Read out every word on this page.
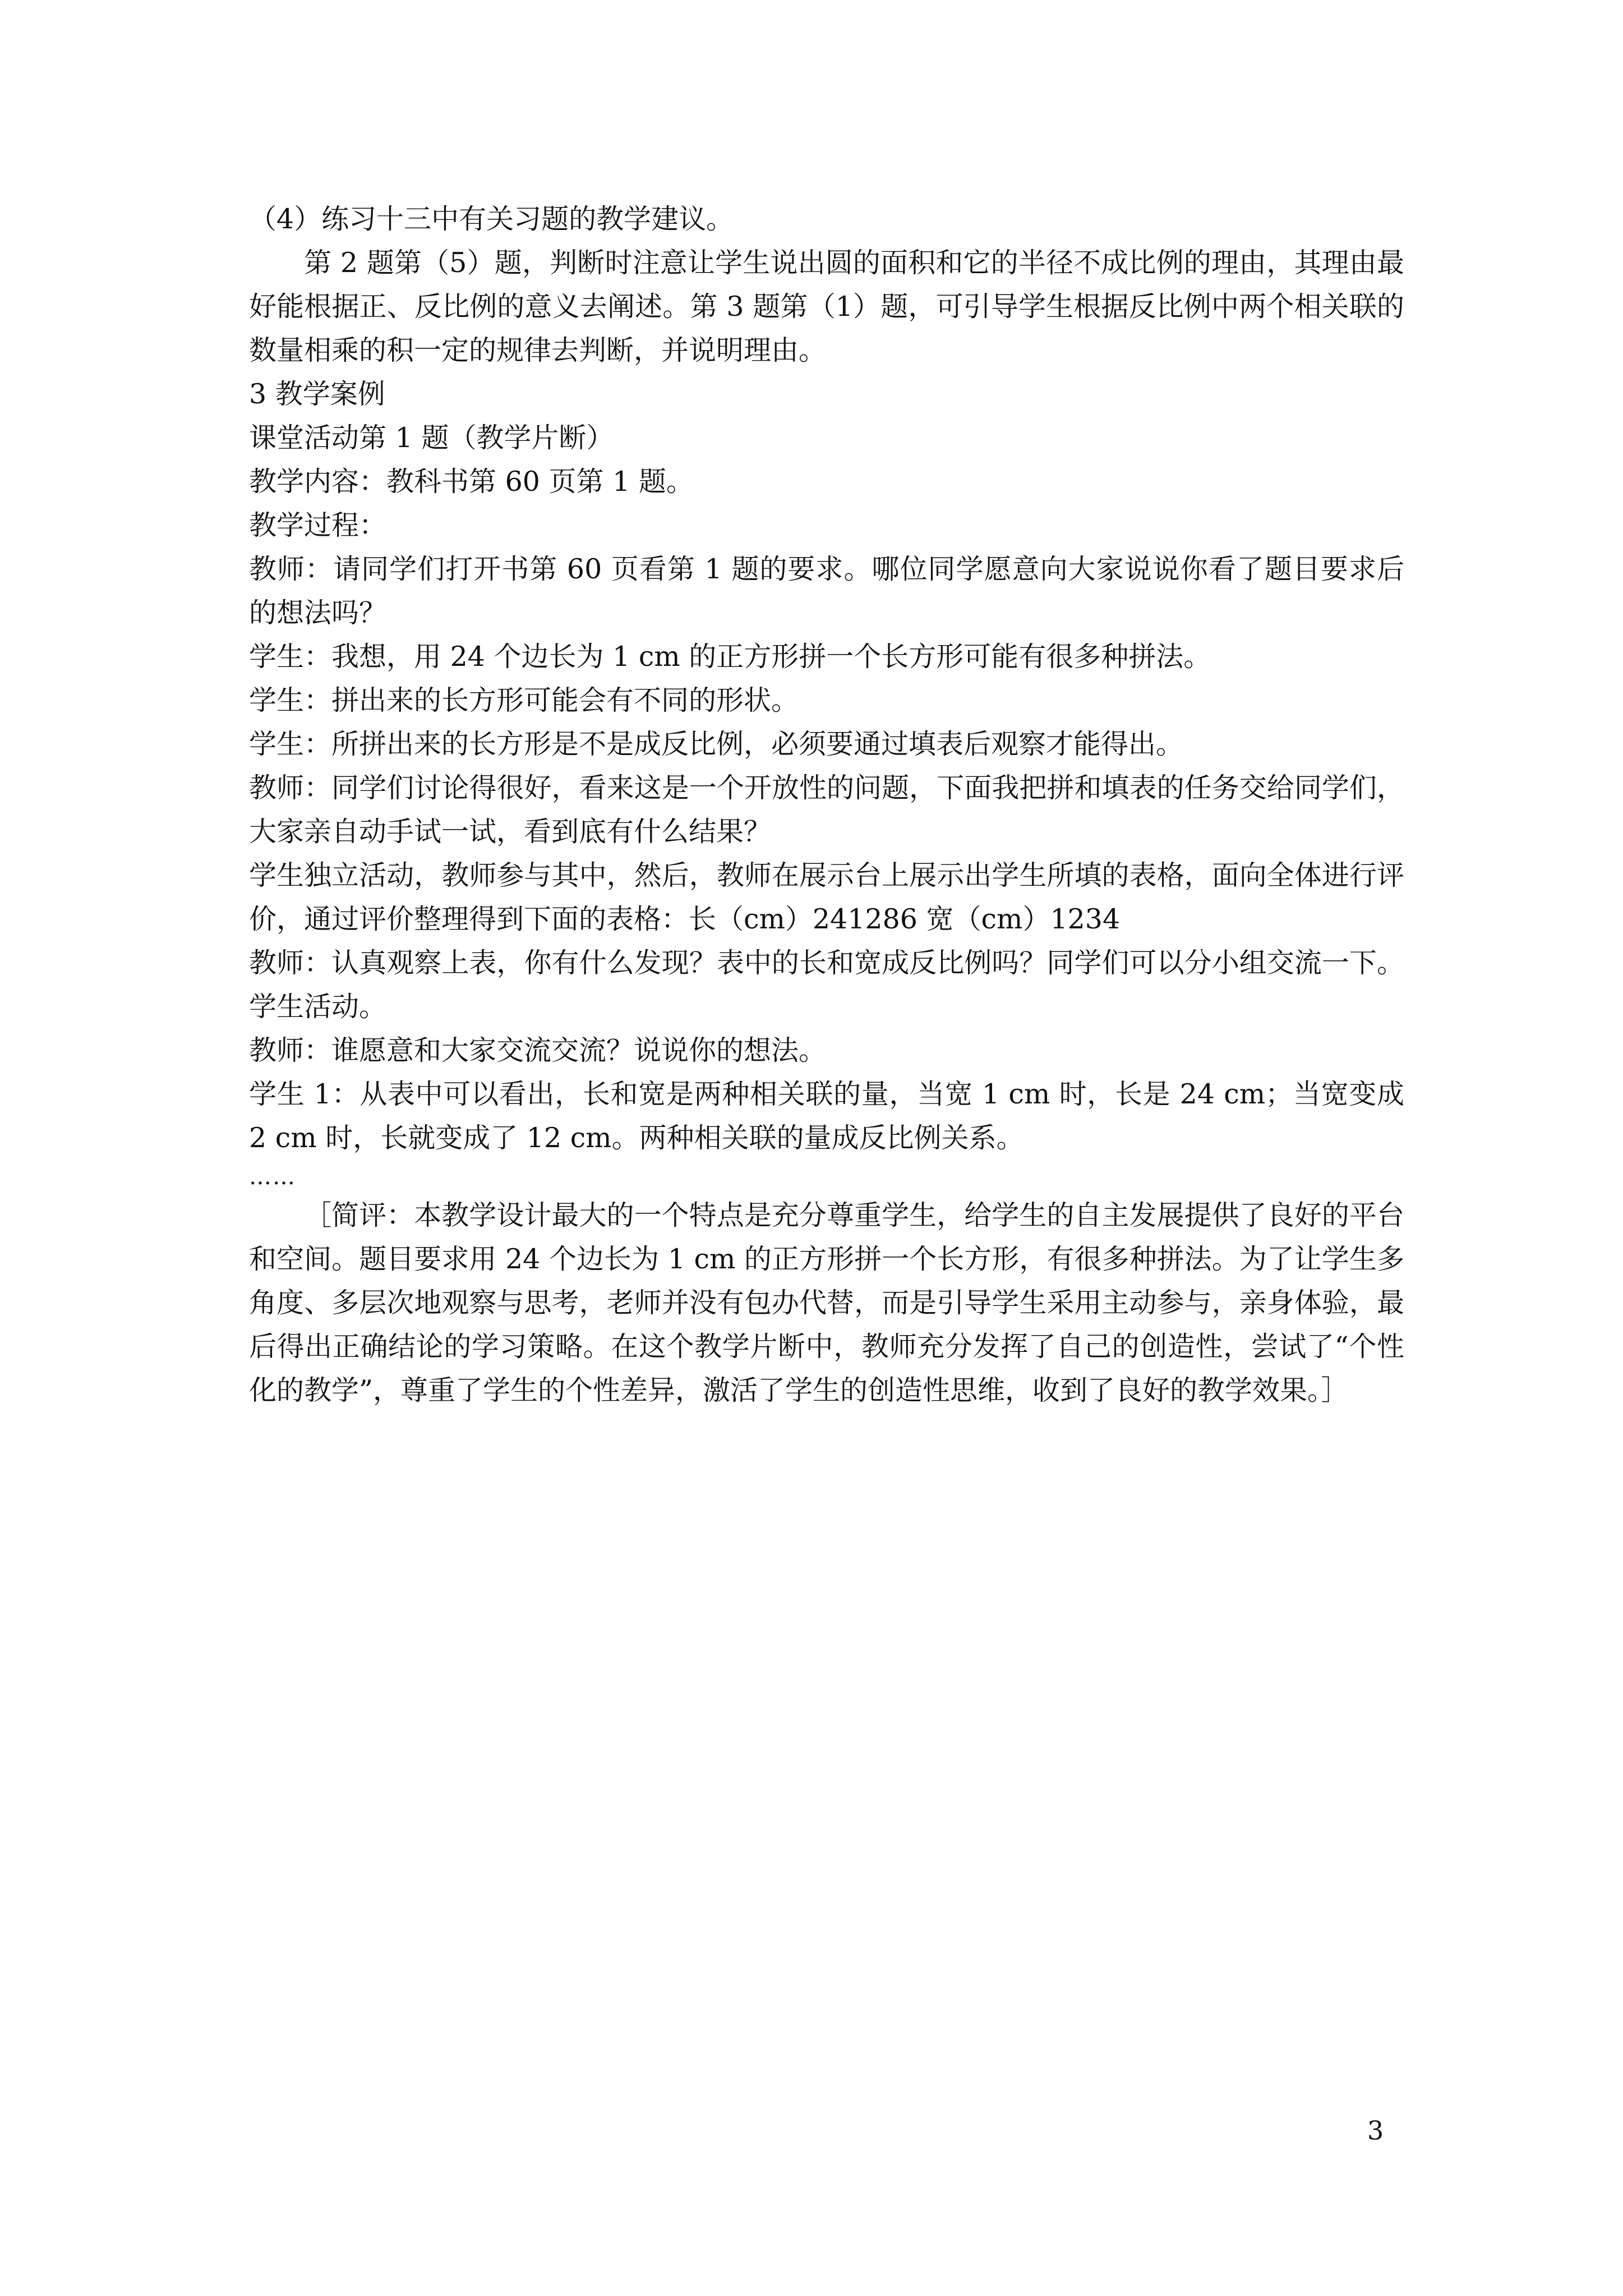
（4）练习十三中有关习题的教学建议。

第 2 题第（5）题，判断时注意让学生说出圆的面积和它的半径不成比例的理由，其理由最好能根据正、反比例的意义去阐述。第 3 题第（1）题，可引导学生根据反比例中两个相关联的数量相乘的积一定的规律去判断，并说明理由。

3 教学案例

课堂活动第 1 题（教学片断）

教学内容：教科书第 60 页第 1 题。

教学过程：

教师：请同学们打开书第 60 页看第 1 题的要求。哪位同学愿意向大家说说你看了题目要求后的想法吗？

学生：我想，用 24 个边长为 1 cm 的正方形拼一个长方形可能有很多种拼法。

学生：拼出来的长方形可能会有不同的形状。

学生：所拼出来的长方形是不是成反比例，必须要通过填表后观察才能得出。

教师：同学们讨论得很好，看来这是一个开放性的问题，下面我把拼和填表的任务交给同学们，大家亲自动手试一试，看到底有什么结果？

学生独立活动，教师参与其中，然后，教师在展示台上展示出学生所填的表格，面向全体进行评价，通过评价整理得到下面的表格：长（cm）241286 宽（cm）1234

教师：认真观察上表，你有什么发现？表中的长和宽成反比例吗？同学们可以分小组交流一下。学生活动。

教师：谁愿意和大家交流交流？说说你的想法。

学生 1：从表中可以看出，长和宽是两种相关联的量，当宽 1 cm 时，长是 24 cm；当宽变成 2 cm 时，长就变成了 12 cm。两种相关联的量成反比例关系。

……

［简评：本教学设计最大的一个特点是充分尊重学生，给学生的自主发展提供了良好的平台和空间。题目要求用 24 个边长为 1 cm 的正方形拼一个长方形，有很多种拼法。为了让学生多角度、多层次地观察与思考，老师并没有包办代替，而是引导学生采用主动参与，亲身体验，最后得出正确结论的学习策略。在这个教学片断中，教师充分发挥了自己的创造性，尝试了“个性化的教学”，尊重了学生的个性差异，激活了学生的创造性思维，收到了良好的教学效果。］

3
